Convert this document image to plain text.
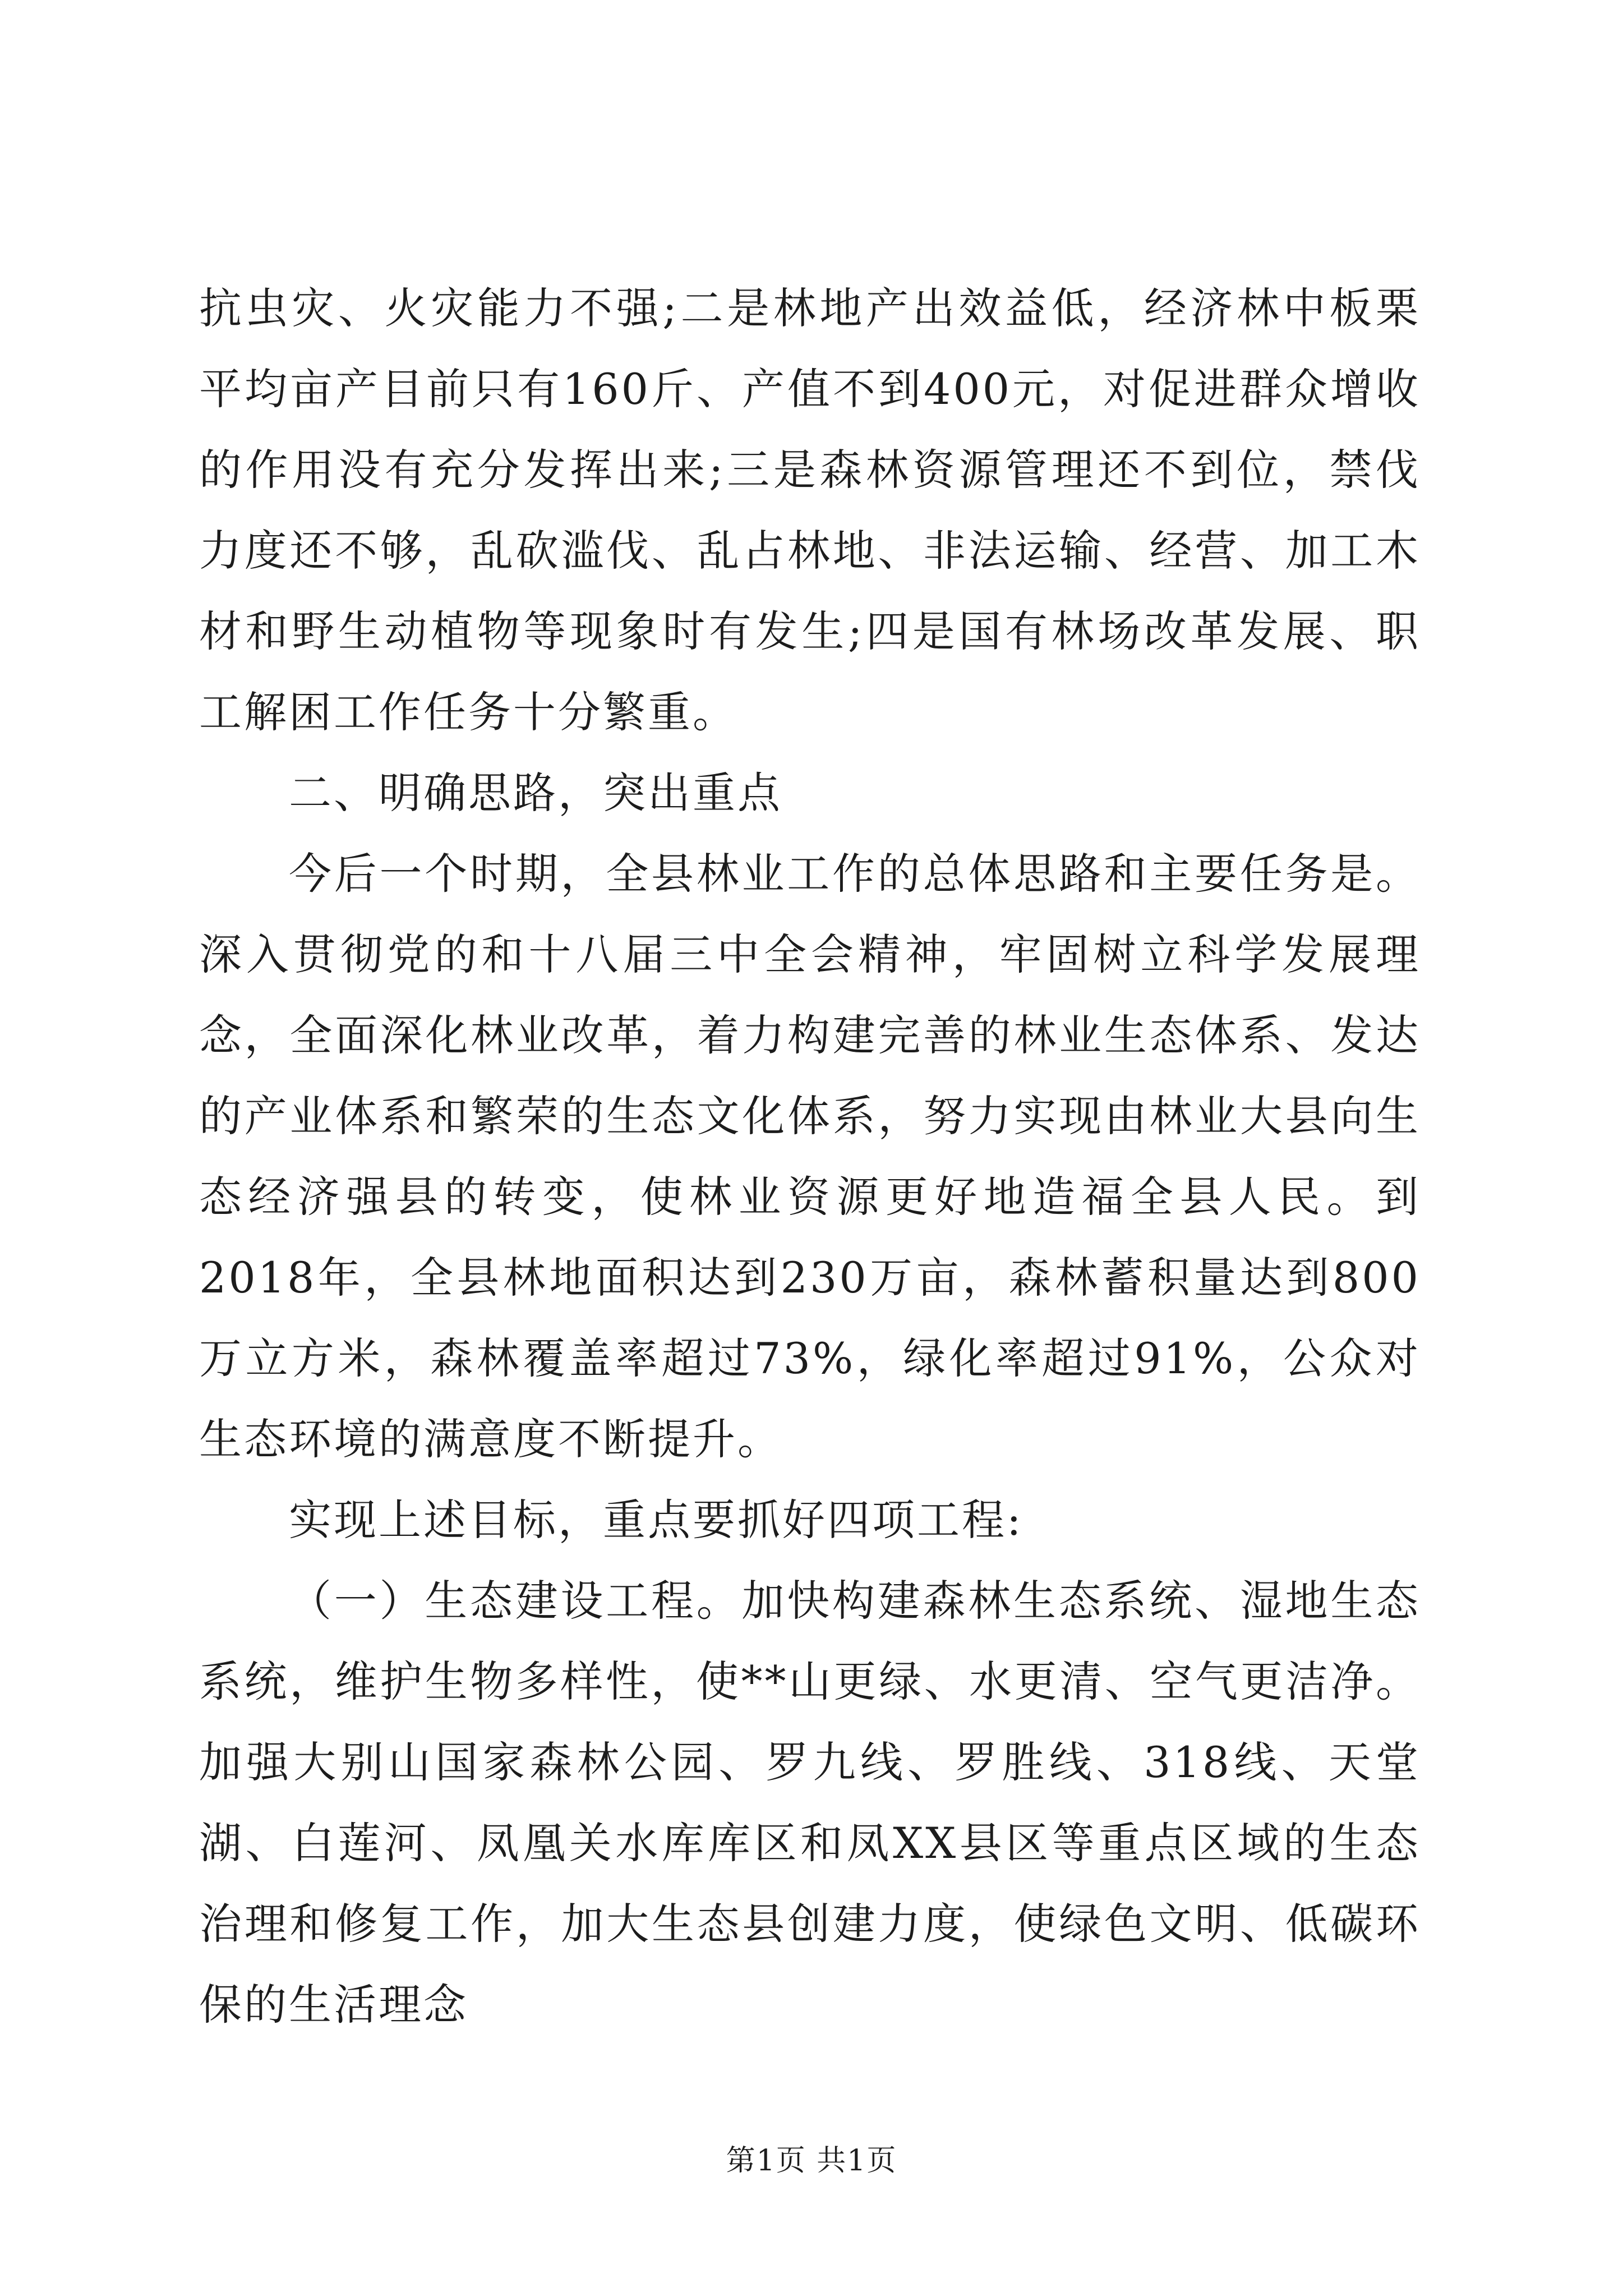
抗虫灾、火灾能力不强;二是林地产出效益低，经济林中板栗平均亩产目前只有160斤、产值不到400元，对促进群众增收的作用没有充分发挥出来;三是森林资源管理还不到位，禁伐力度还不够，乱砍滥伐、乱占林地、非法运输、经营、加工木材和野生动植物等现象时有发生;四是国有林场改革发展、职工解困工作任务十分繁重。

二、明确思路，突出重点

今后一个时期，全县林业工作的总体思路和主要任务是。深入贯彻党的和十八届三中全会精神，牢固树立科学发展理念，全面深化林业改革，着力构建完善的林业生态体系、发达的产业体系和繁荣的生态文化体系，努力实现由林业大县向生态经济强县的转变，使林业资源更好地造福全县人民。到2018年，全县林地面积达到230万亩，森林蓄积量达到800万立方米，森林覆盖率超过73%，绿化率超过91%，公众对生态环境的满意度不断提升。

实现上述目标，重点要抓好四项工程:

（一）生态建设工程。加快构建森林生态系统、湿地生态系统，维护生物多样性，使**山更绿、水更清、空气更洁净。加强大别山国家森林公园、罗九线、罗胜线、318线、天堂湖、白莲河、凤凰关水库库区和凤XX县区等重点区域的生态治理和修复工作，加大生态县创建力度，使绿色文明、低碳环保的生活理念

第1页 共1页
